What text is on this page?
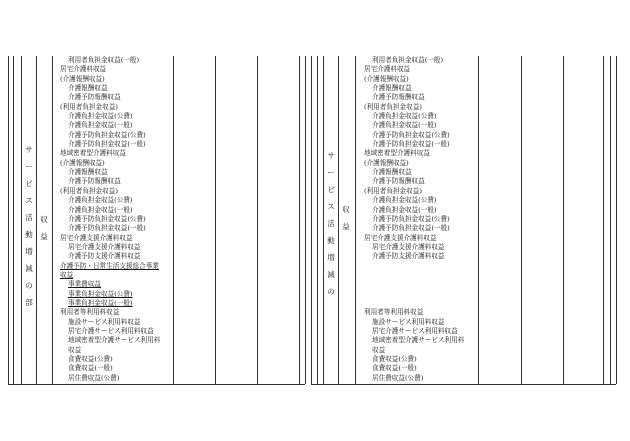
サ
ー
ビ
ス
活
動
増
減
の
部
収
益
利用者負担金収益(一般)
居宅介護料収益
(介護報酬収益)
介護報酬収益
介護予防報酬収益
(利用者負担金収益)
介護負担金収益(公費)
介護負担金収益(一般)
介護予防負担金収益(公費)
介護予防負担金収益(一般)
地域密着型介護料収益
(介護報酬収益)
介護報酬収益
介護予防報酬収益
(利用者負担金収益)
介護負担金収益(公費)
介護負担金収益(一般)
介護予防負担金収益(公費)
介護予防負担金収益(一般)
居宅介護支援介護料収益
居宅介護支援介護料収益
介護予防支援介護料収益
介護予防・日常生活支援総合事業
収益
事業費収益
事業負担金収益(公費)
事業負担金収益(一般)
利用者等利用料収益
施設サービス利用料収益
居宅介護サービス利用料収益
地域密着型介護サービス利用料
収益
食費収益(公費)
食費収益(一般)
居住費収益(公費)
サ
ー
ビ
ス
活
動
増
減
の
収
益
利用者負担金収益(一般)
居宅介護料収益
(介護報酬収益)
介護報酬収益
介護予防報酬収益
(利用者負担金収益)
介護負担金収益(公費)
介護負担金収益(一般)
介護予防負担金収益(公費)
介護予防負担金収益(一般)
地域密着型介護料収益
(介護報酬収益)
介護報酬収益
介護予防報酬収益
(利用者負担金収益)
介護負担金収益(公費)
介護負担金収益(一般)
介護予防負担金収益(公費)
介護予防負担金収益(一般)
居宅介護支援介護料収益
居宅介護支援介護料収益
介護予防支援介護料収益
利用者等利用料収益
施設サービス利用料収益
居宅介護サービス利用料収益
地域密着型介護サービス利用料
収益
食費収益(公費)
食費収益(一般)
居住費収益(公費)
